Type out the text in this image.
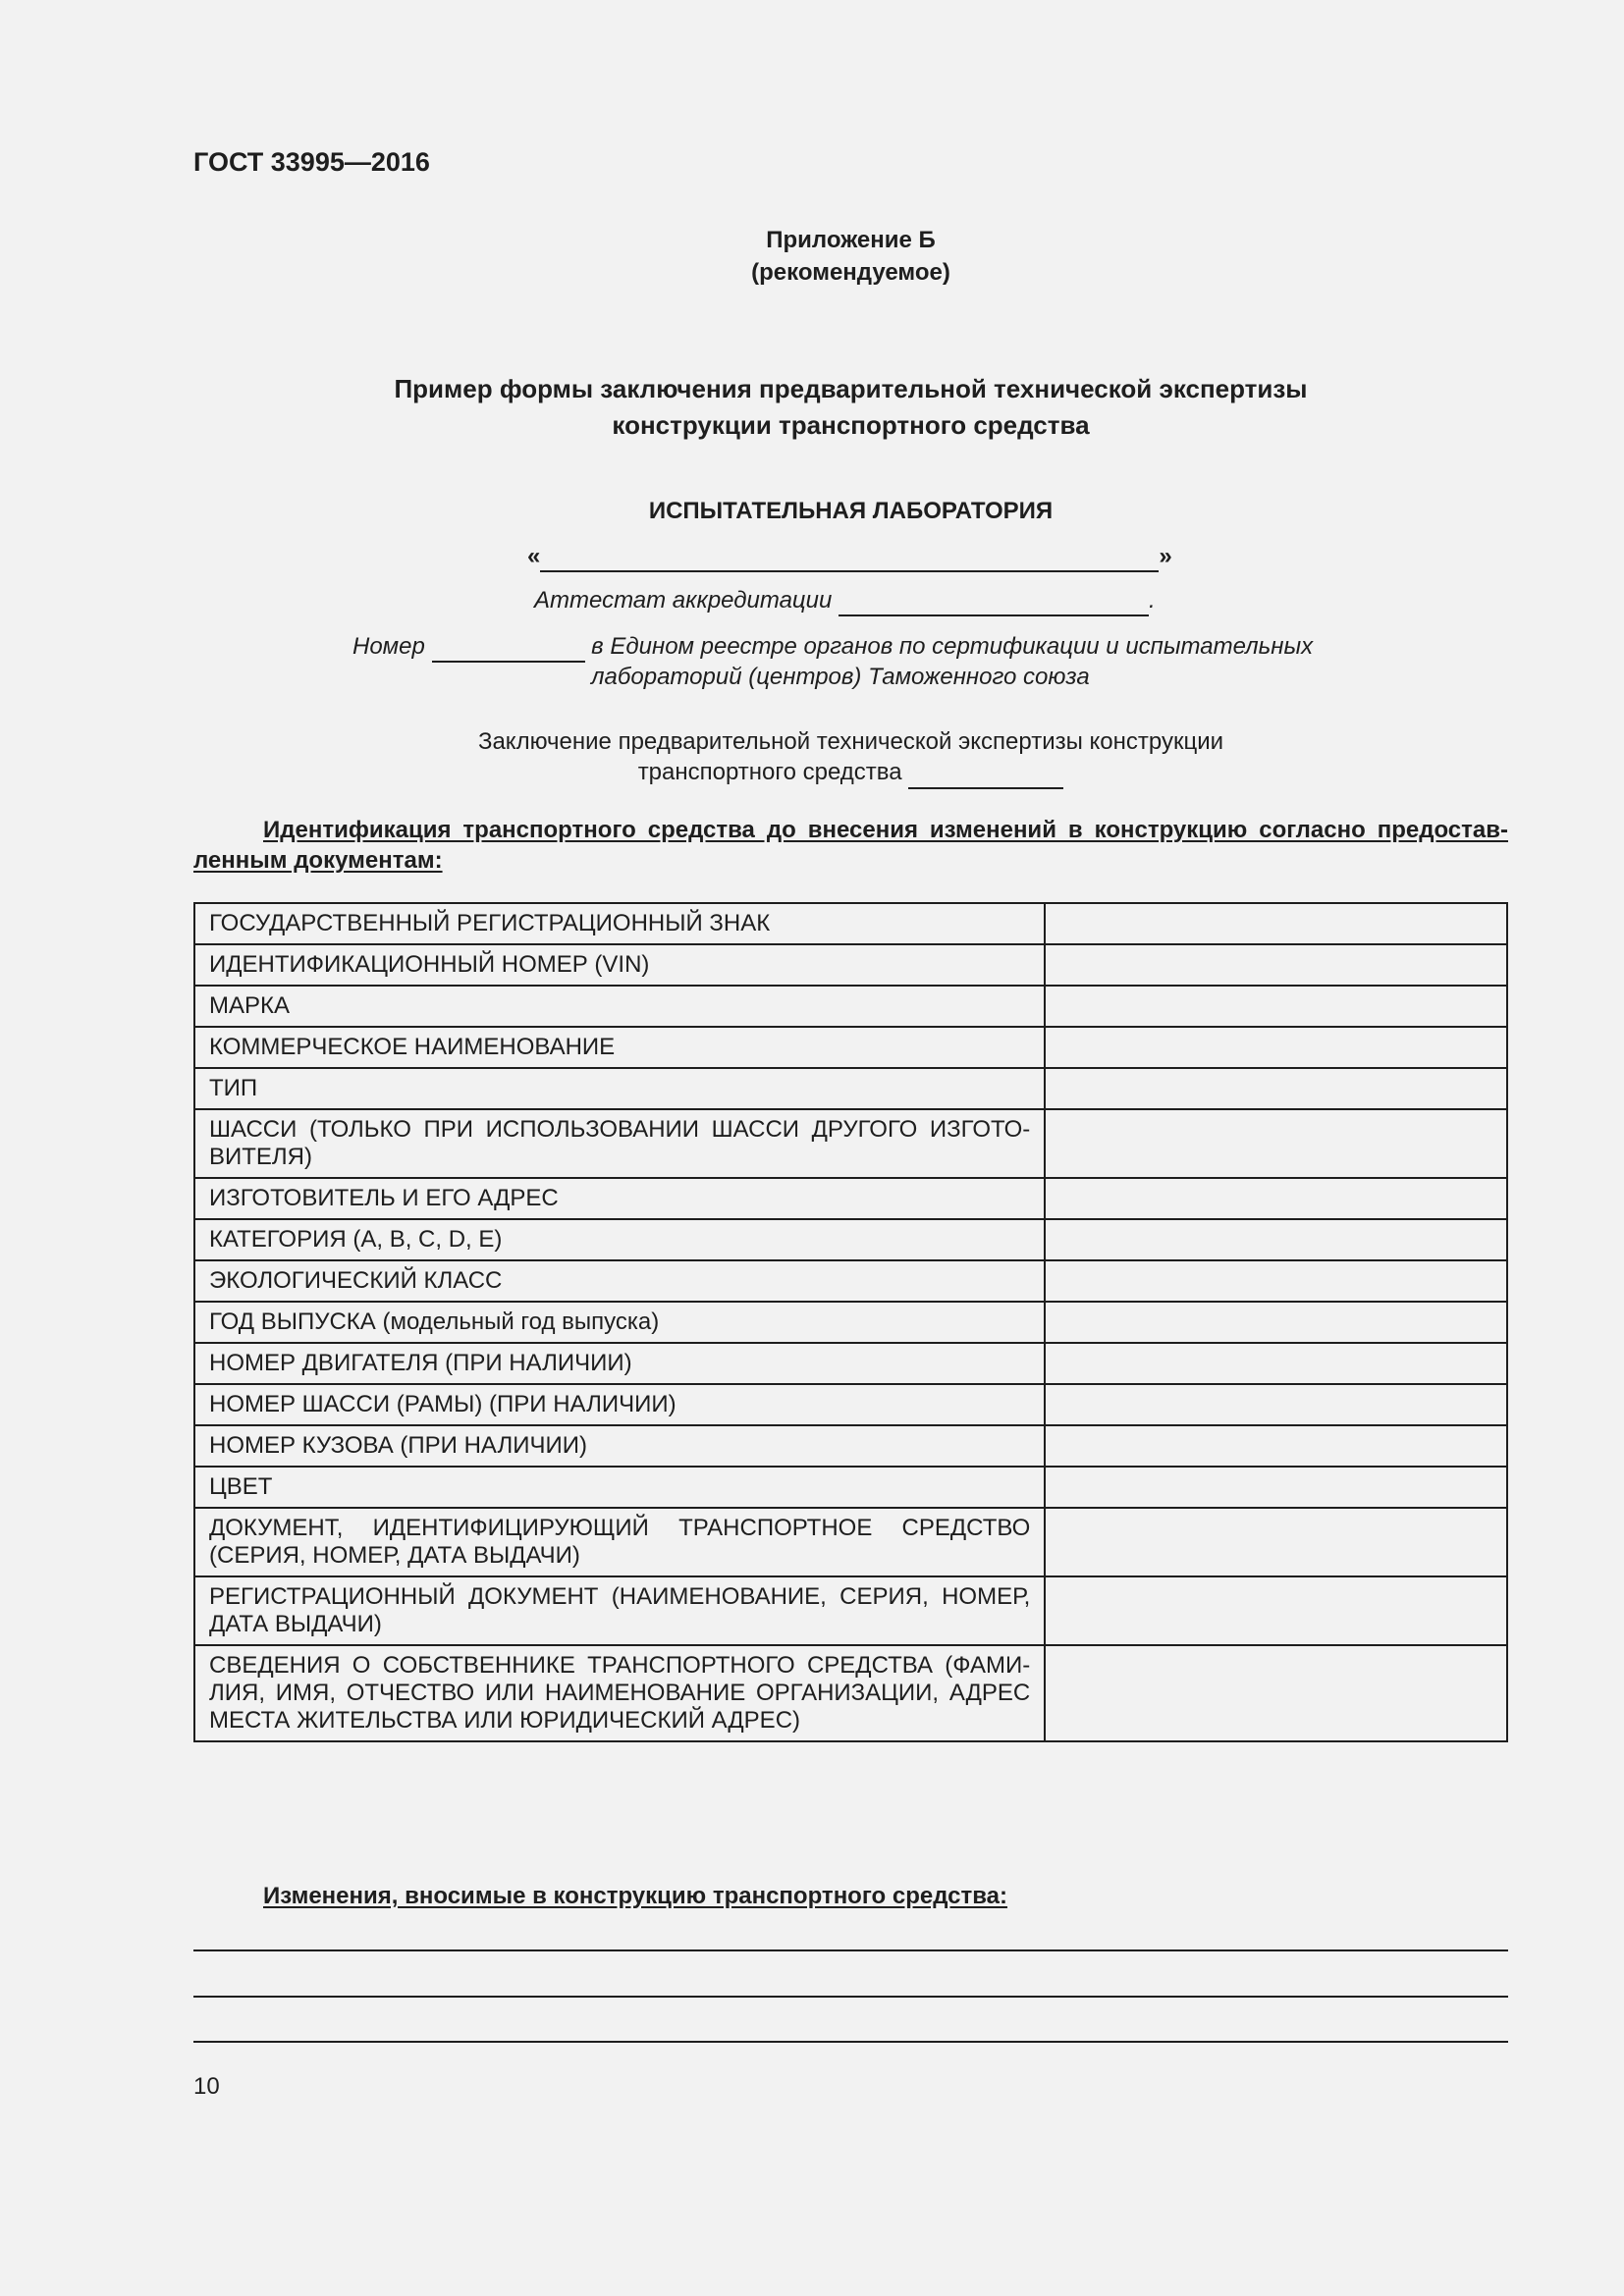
ГОСТ 33995—2016
Приложение Б
(рекомендуемое)
Пример формы заключения предварительной технической экспертизы
конструкции транспортного средства
ИСПЫТАТЕЛЬНАЯ ЛАБОРАТОРИЯ
«	»
Аттестат аккредитации	.
Номер	в Едином реестре органов по сертификации и испытательных
лабораторий (центров) Таможенного союза
Заключение предварительной технической экспертизы конструкции
транспортного средства
Идентификация транспортного средства до внесения изменений в конструкцию согласно предоставленным документам:
ГОСУДАРСТВЕННЫЙ РЕГИСТРАЦИОННЫЙ ЗНАК	
ИДЕНТИФИКАЦИОННЫЙ НОМЕР (VIN)	
МАРКА	
КОММЕРЧЕСКОЕ НАИМЕНОВАНИЕ	
ТИП	
ШАССИ (ТОЛЬКО ПРИ ИСПОЛЬЗОВАНИИ ШАССИ ДРУГОГО ИЗГОТОВИТЕЛЯ)	
ИЗГОТОВИТЕЛЬ И ЕГО АДРЕС	
КАТЕГОРИЯ (A, B, C, D, E)	
ЭКОЛОГИЧЕСКИЙ КЛАСС	
ГОД ВЫПУСКА (модельный год выпуска)	
НОМЕР ДВИГАТЕЛЯ (ПРИ НАЛИЧИИ)	
НОМЕР ШАССИ (РАМЫ) (ПРИ НАЛИЧИИ)	
НОМЕР КУЗОВА (ПРИ НАЛИЧИИ)	
ЦВЕТ	
ДОКУМЕНТ, ИДЕНТИФИЦИРУЮЩИЙ ТРАНСПОРТНОЕ СРЕДСТВО (СЕРИЯ, НОМЕР, ДАТА ВЫДАЧИ)	
РЕГИСТРАЦИОННЫЙ ДОКУМЕНТ (НАИМЕНОВАНИЕ, СЕРИЯ, НОМЕР, ДАТА ВЫДАЧИ)	
СВЕДЕНИЯ О СОБСТВЕННИКЕ ТРАНСПОРТНОГО СРЕДСТВА (ФАМИЛИЯ, ИМЯ, ОТЧЕСТВО ИЛИ НАИМЕНОВАНИЕ ОРГАНИЗАЦИИ, АДРЕС МЕСТА ЖИТЕЛЬСТВА ИЛИ ЮРИДИЧЕСКИЙ АДРЕС)	
Изменения, вносимые в конструкцию транспортного средства:
10
